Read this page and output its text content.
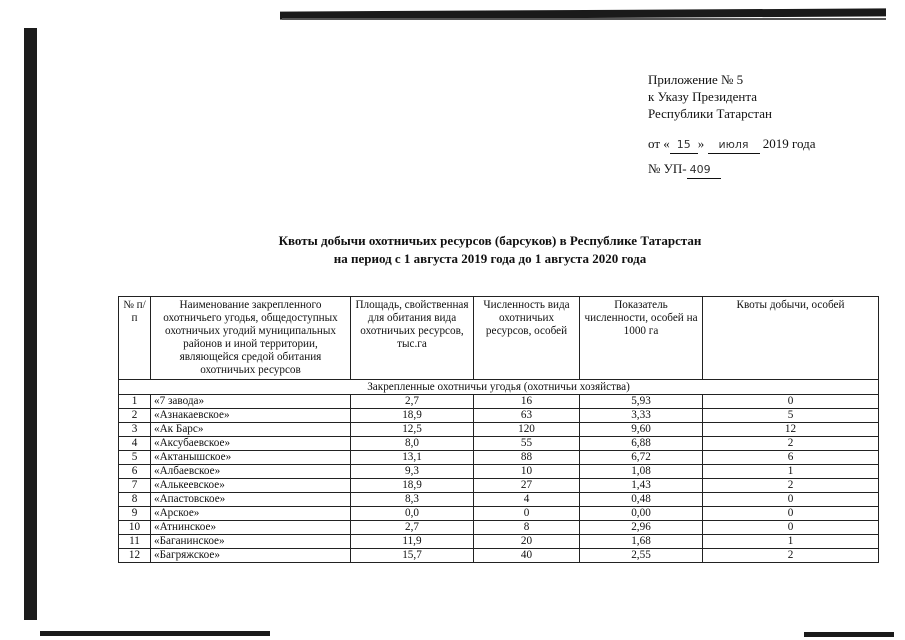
Приложение № 5
к Указу Президента
Республики Татарстан
от « 15 » июля 2019 года
№ УП- 409
Квоты добычи охотничьих ресурсов (барсуков) в Республике Татарстан
на период с 1 августа 2019 года до 1 августа 2020 года
№ п/п	Наименование закрепленного охотничьего угодья, общедоступных охотничьих угодий муниципальных районов и иной территории, являющейся средой обитания охотничьих ресурсов	Площадь, свойственная для обитания вида охотничьих ресурсов, тыс.га	Численность вида охотничьих ресурсов, особей	Показатель численности, особей на 1000 га	Квоты добычи, особей
Закрепленные охотничьи угодья (охотничьи хозяйства)					
1	«7 завода»	2,7	16	5,93	0
2	«Азнакаевское»	18,9	63	3,33	5
3	«Ак Барс»	12,5	120	9,60	12
4	«Аксубаевское»	8,0	55	6,88	2
5	«Актанышское»	13,1	88	6,72	6
6	«Албаевское»	9,3	10	1,08	1
7	«Алькеевское»	18,9	27	1,43	2
8	«Апастовское»	8,3	4	0,48	0
9	«Арское»	0,0	0	0,00	0
10	«Атнинское»	2,7	8	2,96	0
11	«Баганинское»	11,9	20	1,68	1
12	«Багряжское»	15,7	40	2,55	2
